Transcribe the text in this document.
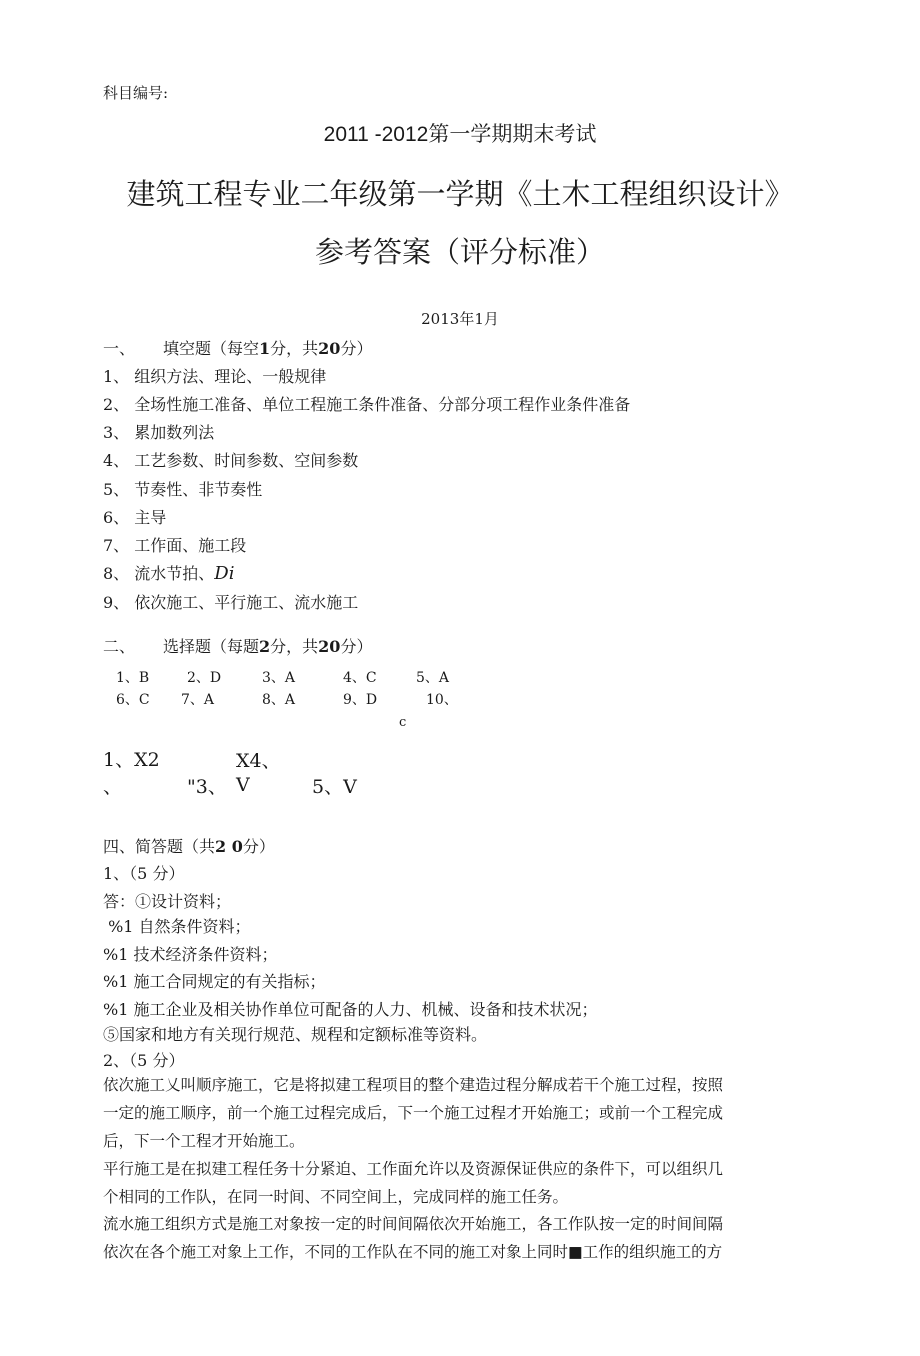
科目编号:
2011 -2012第一学期期末考试
建筑工程专业二年级第一学期《土木工程组织设计》
参考答案（评分标准）
2013年1月
一、 填空题（每空1分，共20分）
1、 组织方法、理论、一般规律
2、 全场性施工准备、单位工程施工条件准备、分部分项工程作业条件准备
3、 累加数列法
4、 工艺参数、时间参数、空间参数
5、 节奏性、非节奏性
6、 主导
7、 工作面、施工段
8、 流水节拍、Di
9、 依次施工、平行施工、流水施工
二、 选择题（每题2分，共20分）
1、B	2、D	3、A	4、C	5、A
6、C 7、A	8、A	9、D	10、
c
1、X2	X4、
、	"3、 V	5、V
四、简答题（共2 0分）
1、（5 分）
答：①设计资料；
%1 自然条件资料；
%1 技术经济条件资料；
%1 施工合同规定的有关指标；
%1 施工企业及相关协作单位可配备的人力、机械、设备和技术状况；
⑤国家和地方有关现行规范、规程和定额标准等资料。
2、（5 分）
依次施工乂叫顺序施工，它是将拟建工程项目的整个建造过程分解成若干个施工过程，按照
一定的施工顺序，前一个施工过程完成后，下一个施工过程才开始施工；或前一个工程完成
后，下一个工程才开始施工。
平行施工是在拟建工程任务十分紧迫、工作面允许以及资源保证供应的条件下，可以组织几
个相同的工作队，在同一时间、不同空间上，完成同样的施工任务。
流水施工组织方式是施工对象按一定的时间间隔依次开始施工，各工作队按一定的时间间隔
依次在各个施工对象上工作，不同的工作队在不同的施工对象上同时■工作的组织施工的方
